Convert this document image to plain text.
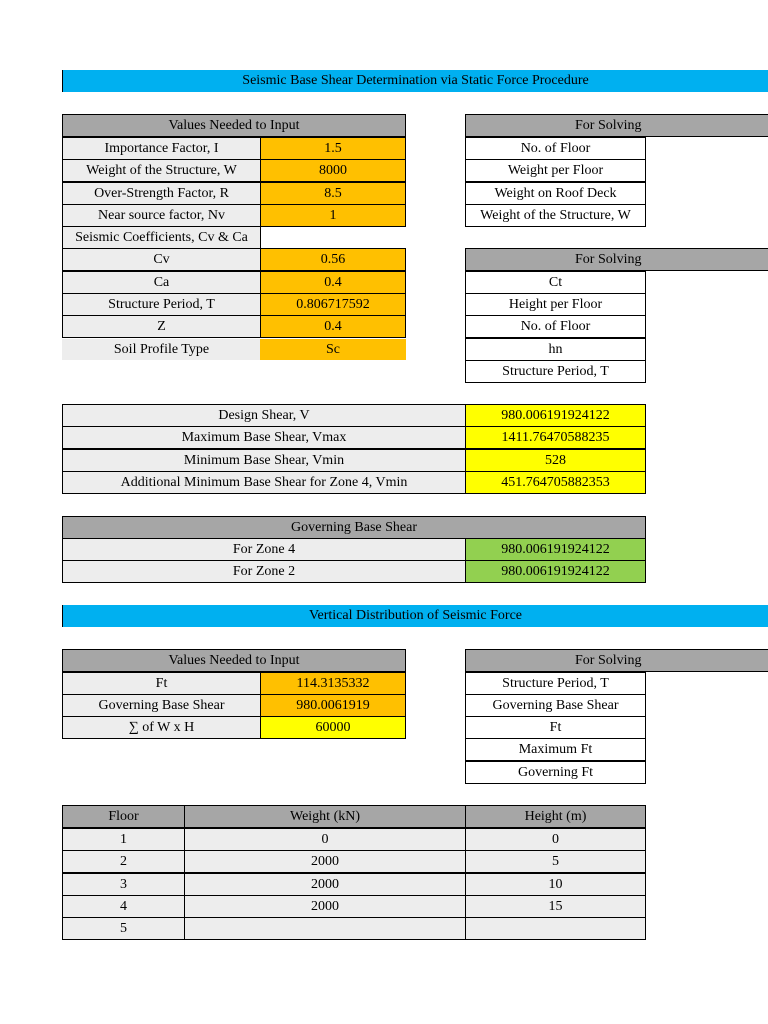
Seismic Base Shear Determination via Static Force Procedure
Values Needed to Input
Importance Factor, I	1.5
Weight of the Structure, W	8000
Over-Strength Factor, R	8.5
Near source factor, Nv	1
Seismic Coefficients, Cv & Ca
Cv	0.56
Ca	0.4
Structure Period, T	0.806717592
Z	0.4
Soil Profile Type	Sc
For Solving
No. of Floor
Weight per Floor
Weight on Roof Deck
Weight of the Structure, W
For Solving
Ct
Height per Floor
No. of Floor
hn
Structure Period, T
Design Shear, V	980.006191924122
Maximum Base Shear, Vmax	1411.76470588235
Minimum Base Shear, Vmin	528
Additional Minimum Base Shear for Zone 4, Vmin	451.764705882353
Governing Base Shear
For Zone 4	980.006191924122
For Zone 2	980.006191924122
Vertical Distribution of Seismic Force
Values Needed to Input
Ft	114.3135332
Governing Base Shear	980.0061919
∑ of W x H	60000
For Solving
Structure Period, T
Governing Base Shear
Ft
Maximum Ft
Governing Ft
Floor	Weight (kN)	Height (m)
1	0	0
2	2000	5
3	2000	10
4	2000	15
5
